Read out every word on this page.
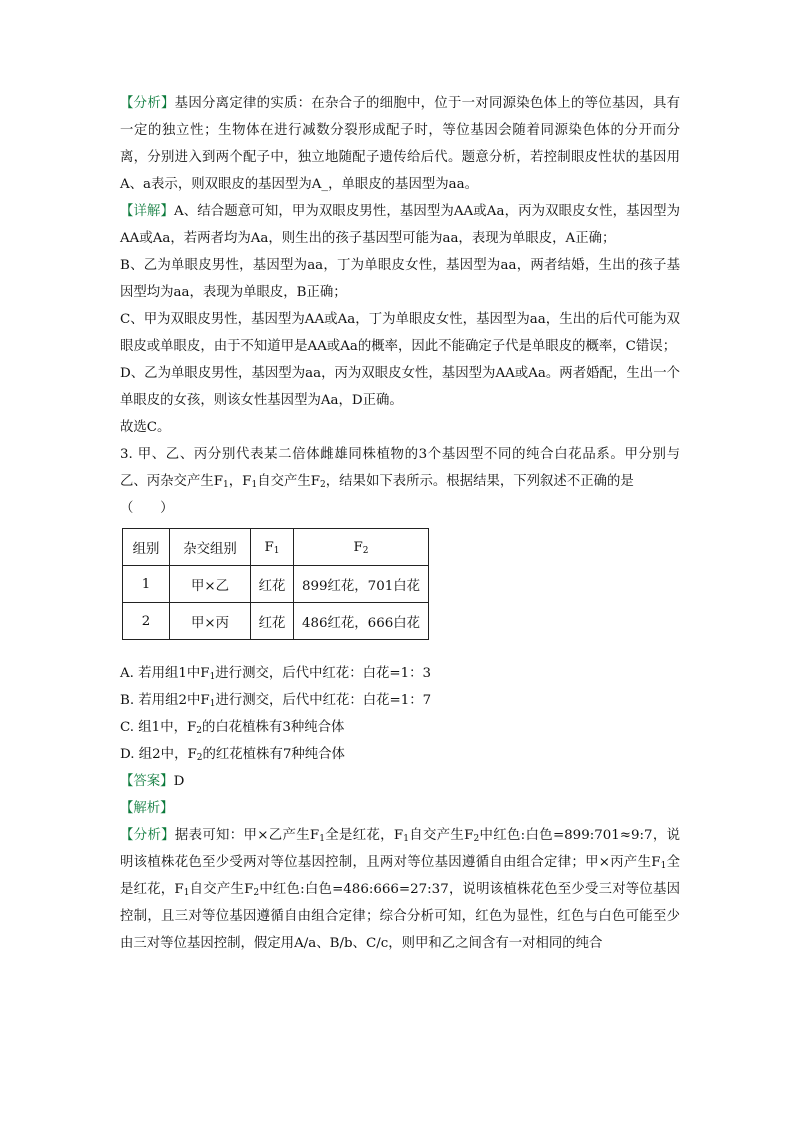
【分析】基因分离定律的实质：在杂合子的细胞中，位于一对同源染色体上的等位基因，具有一定的独立性；生物体在进行减数分裂形成配子时，等位基因会随着同源染色体的分开而分离，分别进入到两个配子中，独立地随配子遗传给后代。题意分析，若控制眼皮性状的基因用A、a表示，则双眼皮的基因型为A_，单眼皮的基因型为aa。

【详解】A、结合题意可知，甲为双眼皮男性，基因型为AA或Aa，丙为双眼皮女性，基因型为AA或Aa，若两者均为Aa，则生出的孩子基因型可能为aa，表现为单眼皮，A正确；

B、乙为单眼皮男性，基因型为aa，丁为单眼皮女性，基因型为aa，两者结婚，生出的孩子基因型均为aa，表现为单眼皮，B正确；

C、甲为双眼皮男性，基因型为AA或Aa，丁为单眼皮女性，基因型为aa，生出的后代可能为双眼皮或单眼皮，由于不知道甲是AA或Aa的概率，因此不能确定子代是单眼皮的概率，C错误；

D、乙为单眼皮男性，基因型为aa，丙为双眼皮女性，基因型为AA或Aa。两者婚配，生出一个单眼皮的女孩，则该女性基因型为Aa，D正确。

故选C。

3. 甲、乙、丙分别代表某二倍体雌雄同株植物的3个基因型不同的纯合白花品系。甲分别与乙、丙杂交产生$F_1$，$F_1$自交产生$F_2$，结果如下表所示。根据结果，下列叙述不正确的是

（　　）

组别	杂交组别	$F_1$	$F_2$
1	甲×乙	红花	899红花，701白花
2	甲×丙	红花	486红花，666白花

A. 若用组1中$F_1$进行测交，后代中红花：白花=1：3

B. 若用组2中$F_1$进行测交，后代中红花：白花=1：7

C. 组1中，$F_2$的白花植株有3种纯合体

D. 组2中，$F_2$的红花植株有7种纯合体

【答案】D

【解析】

【分析】据表可知：甲×乙产生$F_1$全是红花，$F_1$自交产生$F_2$中红色:白色=899:701≈9:7，说明该植株花色至少受两对等位基因控制，且两对等位基因遵循自由组合定律；甲×丙产生$F_1$全是红花，$F_1$自交产生$F_2$中红色:白色=486:666=27:37，说明该植株花色至少受三对等位基因控制，且三对等位基因遵循自由组合定律；综合分析可知，红色为显性，红色与白色可能至少由三对等位基因控制，假定用A/a、B/b、C/c，则甲和乙之间含有一对相同的纯合
